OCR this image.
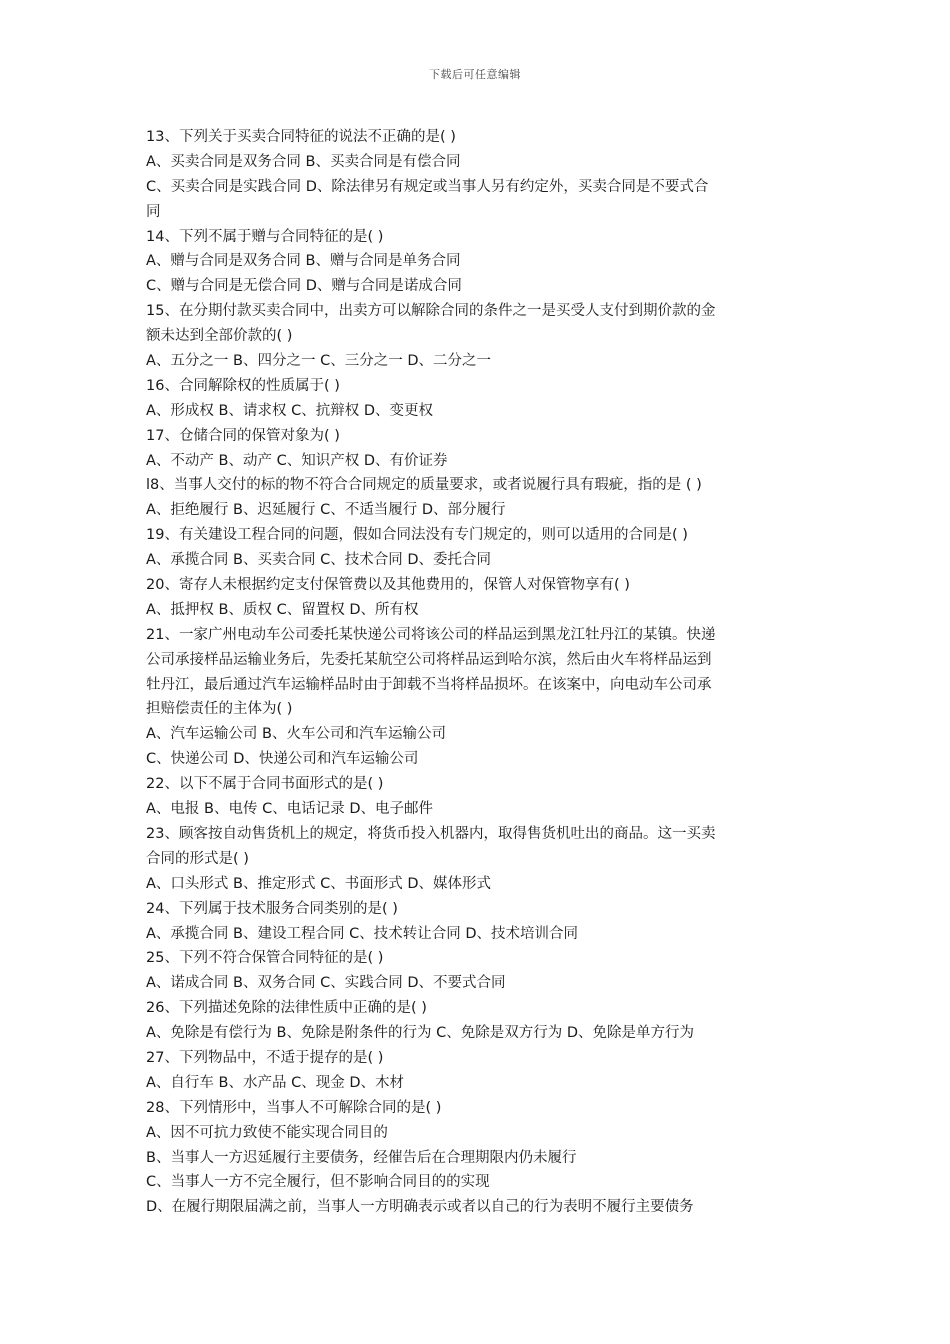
下载后可任意编辑

13、下列关于买卖合同特征的说法不正确的是( )

A、买卖合同是双务合同 B、买卖合同是有偿合同

C、买卖合同是实践合同 D、除法律另有规定或当事人另有约定外，买卖合同是不要式合

同

14、下列不属于赠与合同特征的是( )

A、赠与合同是双务合同 B、赠与合同是单务合同

C、赠与合同是无偿合同 D、赠与合同是诺成合同

15、在分期付款买卖合同中，出卖方可以解除合同的条件之一是买受人支付到期价款的金

额未达到全部价款的( )

A、五分之一 B、四分之一 C、三分之一 D、二分之一

16、合同解除权的性质属于( )

A、形成权 B、请求权 C、抗辩权 D、变更权

17、仓储合同的保管对象为( )

A、不动产 B、动产 C、知识产权 D、有价证券

l8、当事人交付的标的物不符合合同规定的质量要求，或者说履行具有瑕疵，指的是 ( )

A、拒绝履行 B、迟延履行 C、不适当履行 D、部分履行

19、有关建设工程合同的问题，假如合同法没有专门规定的，则可以适用的合同是( )

A、承揽合同 B、买卖合同 C、技术合同 D、委托合同

20、寄存人未根据约定支付保管费以及其他费用的，保管人对保管物享有( )

A、抵押权 B、质权 C、留置权 D、所有权

21、一家广州电动车公司委托某快递公司将该公司的样品运到黑龙江牡丹江的某镇。快递

公司承接样品运输业务后，先委托某航空公司将样品运到哈尔滨，然后由火车将样品运到

牡丹江，最后通过汽车运输样品时由于卸载不当将样品损坏。在该案中，向电动车公司承

担赔偿责任的主体为( )

A、汽车运输公司 B、火车公司和汽车运输公司

C、快递公司 D、快递公司和汽车运输公司

22、以下不属于合同书面形式的是( )

A、电报 B、电传 C、电话记录 D、电子邮件

23、顾客按自动售货机上的规定，将货币投入机器内，取得售货机吐出的商品。这一买卖

合同的形式是( )

A、口头形式 B、推定形式 C、书面形式 D、媒体形式

24、下列属于技术服务合同类别的是( )

A、承揽合同 B、建设工程合同 C、技术转让合同 D、技术培训合同

25、下列不符合保管合同特征的是( )

A、诺成合同 B、双务合同 C、实践合同 D、不要式合同

26、下列描述免除的法律性质中正确的是( )

A、免除是有偿行为 B、免除是附条件的行为 C、免除是双方行为 D、免除是单方行为

27、下列物品中，不适于提存的是( )

A、自行车 B、水产品 C、现金 D、木材

28、下列情形中，当事人不可解除合同的是( )

A、因不可抗力致使不能实现合同目的

B、当事人一方迟延履行主要债务，经催告后在合理期限内仍未履行

C、当事人一方不完全履行，但不影响合同目的的实现

D、在履行期限届满之前，当事人一方明确表示或者以自己的行为表明不履行主要债务
